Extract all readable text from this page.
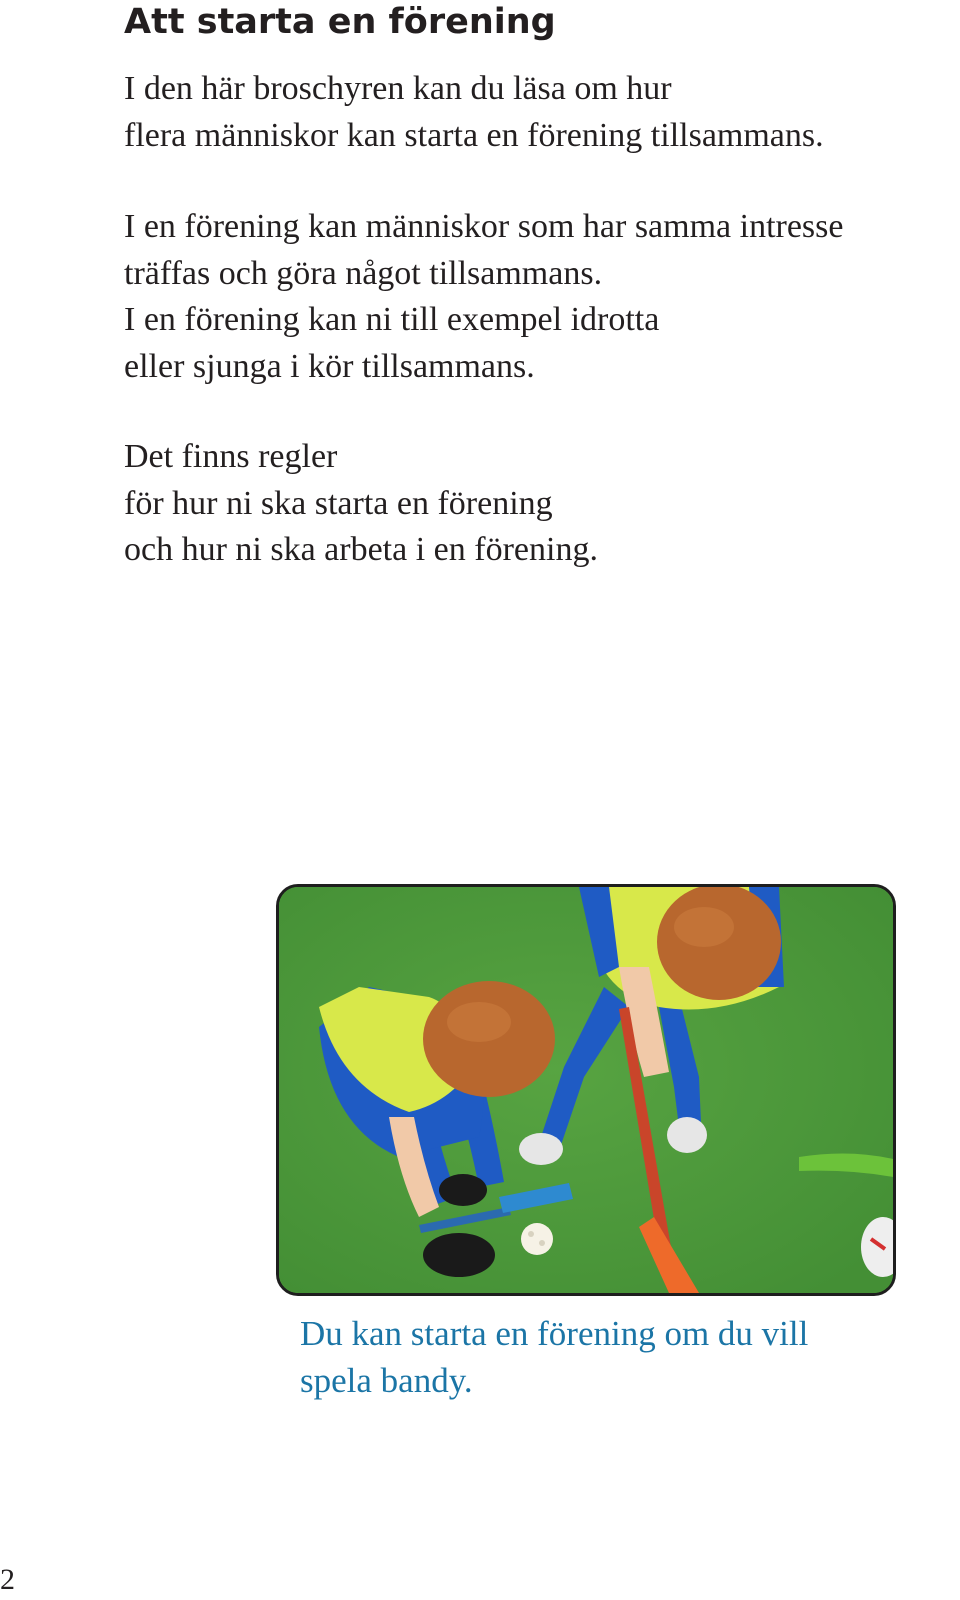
Att starta en förening

I den här broschyren kan du läsa om hur
flera människor kan starta en förening tillsammans.

I en förening kan människor som har samma intresse
träffas och göra något tillsammans.
I en förening kan ni till exempel idrotta
eller sjunga i kör tillsammans.

Det finns regler
för hur ni ska starta en förening
och hur ni ska arbeta i en förening.

Du kan starta en förening om du vill
spela bandy.

2
